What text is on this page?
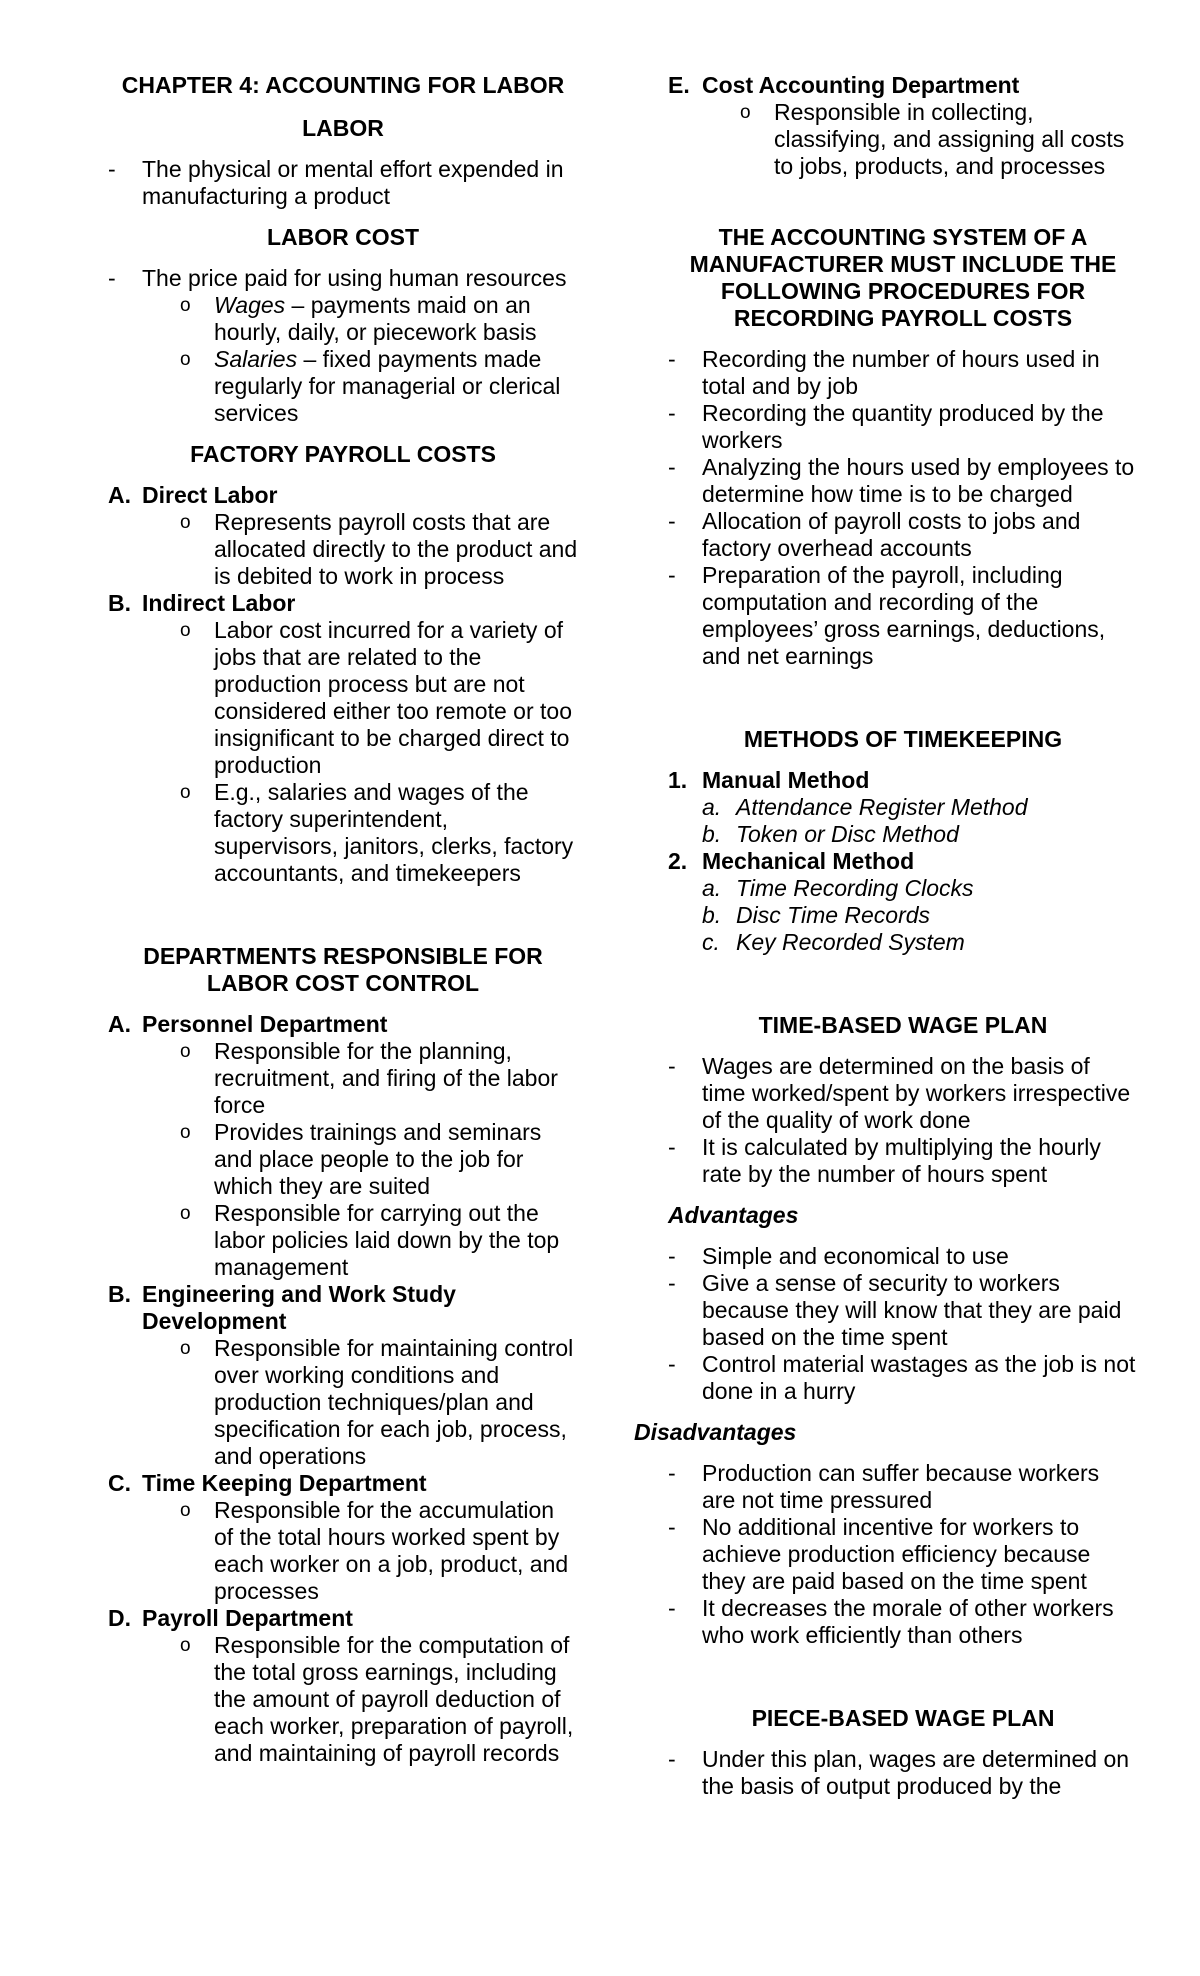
CHAPTER 4: ACCOUNTING FOR LABOR
LABOR
-	The physical or mental effort expended in manufacturing a product
LABOR COST
-	The price paid for using human resources
o	Wages – payments maid on an hourly, daily, or piecework basis
o	Salaries – fixed payments made regularly for managerial or clerical services
FACTORY PAYROLL COSTS
A. Direct Labor
o	Represents payroll costs that are allocated directly to the product and is debited to work in process
B. Indirect Labor
o	Labor cost incurred for a variety of jobs that are related to the production process but are not considered either too remote or too insignificant to be charged direct to production
o	E.g., salaries and wages of the factory superintendent, supervisors, janitors, clerks, factory accountants, and timekeepers
DEPARTMENTS RESPONSIBLE FOR LABOR COST CONTROL
A. Personnel Department
o	Responsible for the planning, recruitment, and firing of the labor force
o	Provides trainings and seminars and place people to the job for which they are suited
o	Responsible for carrying out the labor policies laid down by the top management
B. Engineering and Work Study Development
o	Responsible for maintaining control over working conditions and production techniques/plan and specification for each job, process, and operations
C. Time Keeping Department
o	Responsible for the accumulation of the total hours worked spent by each worker on a job, product, and processes
D. Payroll Department
o	Responsible for the computation of the total gross earnings, including the amount of payroll deduction of each worker, preparation of payroll, and maintaining of payroll records
E. Cost Accounting Department
o	Responsible in collecting, classifying, and assigning all costs to jobs, products, and processes
THE ACCOUNTING SYSTEM OF A MANUFACTURER MUST INCLUDE THE FOLLOWING PROCEDURES FOR RECORDING PAYROLL COSTS
-	Recording the number of hours used in total and by job
-	Recording the quantity produced by the workers
-	Analyzing the hours used by employees to determine how time is to be charged
-	Allocation of payroll costs to jobs and factory overhead accounts
-	Preparation of the payroll, including computation and recording of the employees’ gross earnings, deductions, and net earnings
METHODS OF TIMEKEEPING
1. Manual Method
a. Attendance Register Method
b. Token or Disc Method
2. Mechanical Method
a. Time Recording Clocks
b. Disc Time Records
c. Key Recorded System
TIME-BASED WAGE PLAN
-	Wages are determined on the basis of time worked/spent by workers irrespective of the quality of work done
-	It is calculated by multiplying the hourly rate by the number of hours spent
Advantages
-	Simple and economical to use
-	Give a sense of security to workers because they will know that they are paid based on the time spent
-	Control material wastages as the job is not done in a hurry
Disadvantages
-	Production can suffer because workers are not time pressured
-	No additional incentive for workers to achieve production efficiency because they are paid based on the time spent
-	It decreases the morale of other workers who work efficiently than others
PIECE-BASED WAGE PLAN
-	Under this plan, wages are determined on the basis of output produced by the
